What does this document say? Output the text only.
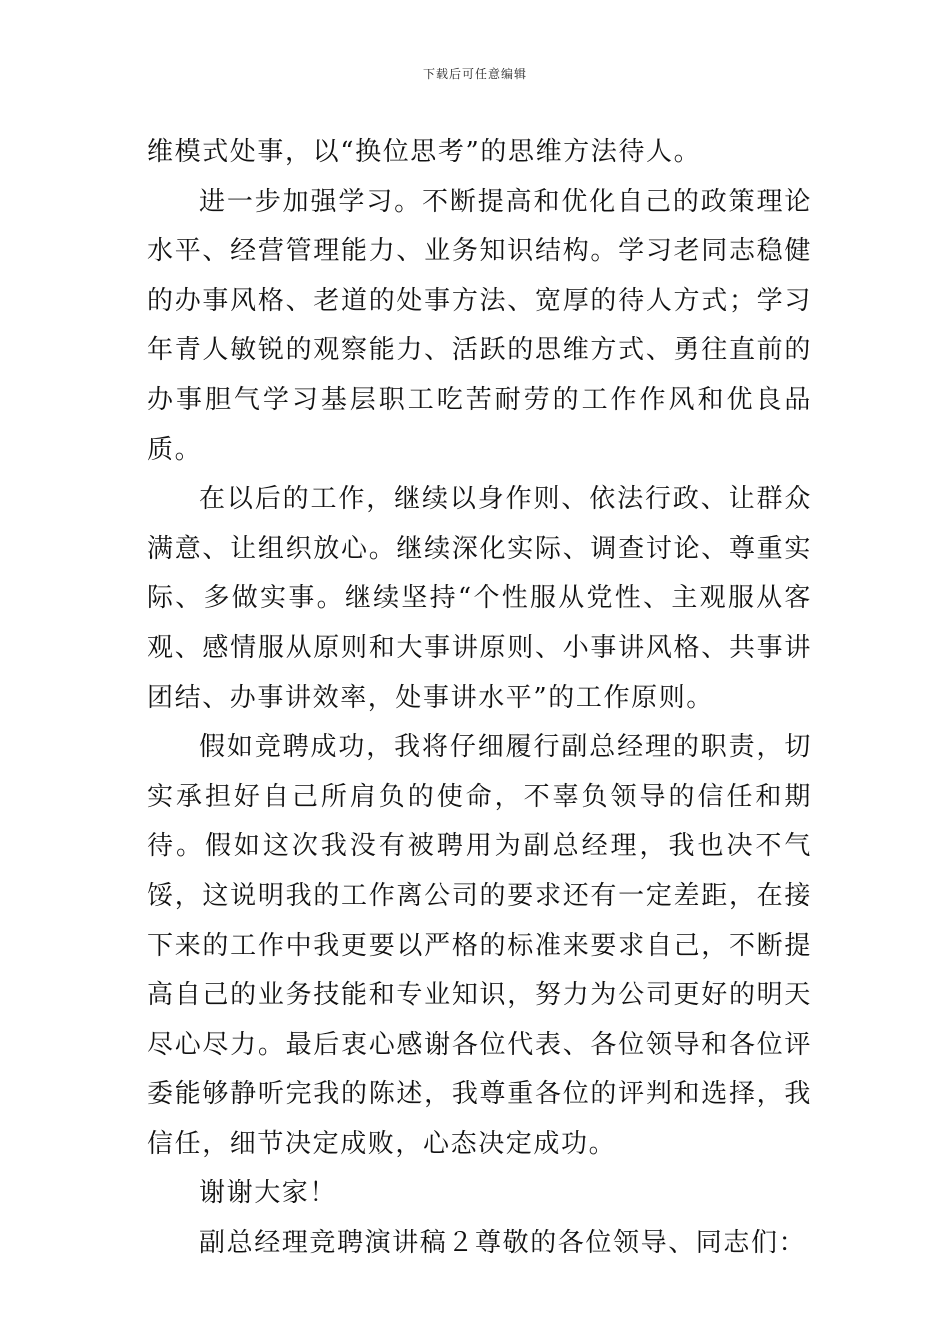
下载后可任意编辑

维模式处事，以“换位思考”的思维方法待人。

进一步加强学习。不断提高和优化自己的政策理论水平、经营管理能力、业务知识结构。学习老同志稳健的办事风格、老道的处事方法、宽厚的待人方式；学习年青人敏锐的观察能力、活跃的思维方式、勇往直前的办事胆气学习基层职工吃苦耐劳的工作作风和优良品质。

在以后的工作，继续以身作则、依法行政、让群众满意、让组织放心。继续深化实际、调查讨论、尊重实际、多做实事。继续坚持“个性服从党性、主观服从客观、感情服从原则和大事讲原则、小事讲风格、共事讲团结、办事讲效率，处事讲水平”的工作原则。

假如竞聘成功，我将仔细履行副总经理的职责，切实承担好自己所肩负的使命，不辜负领导的信任和期待。假如这次我没有被聘用为副总经理，我也决不气馁，这说明我的工作离公司的要求还有一定差距，在接下来的工作中我更要以严格的标准来要求自己，不断提高自己的业务技能和专业知识，努力为公司更好的明天尽心尽力。最后衷心感谢各位代表、各位领导和各位评委能够静听完我的陈述，我尊重各位的评判和选择，我信任，细节决定成败，心态决定成功。

谢谢大家！

副总经理竞聘演讲稿２尊敬的各位领导、同志们：
